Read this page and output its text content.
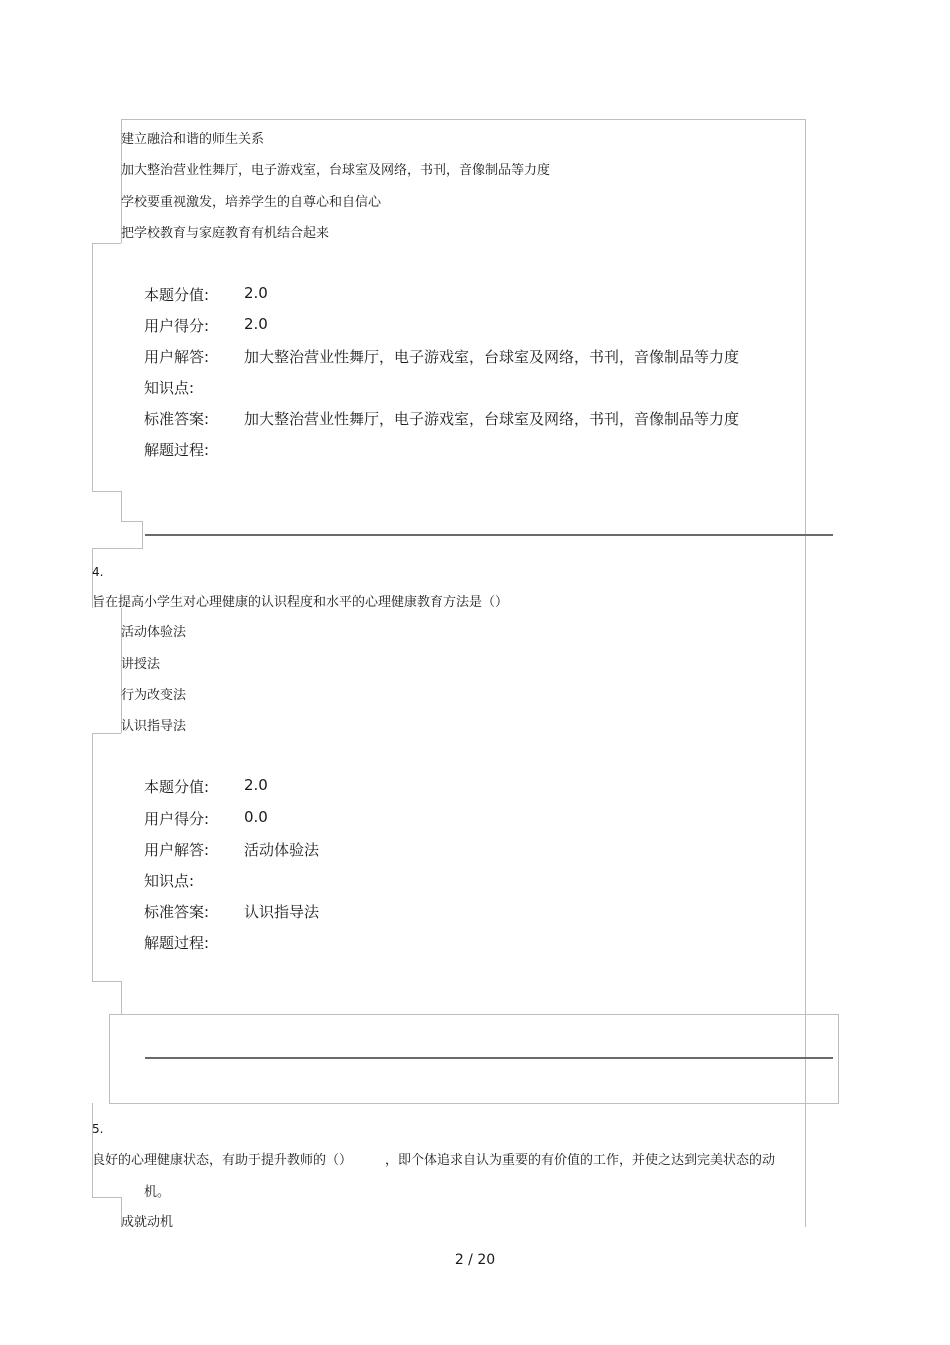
建立融洽和谐的师生关系
加大整治营业性舞厅，电子游戏室，台球室及网络，书刊，音像制品等力度
学校要重视激发，培养学生的自尊心和自信心
把学校教育与家庭教育有机结合起来
本题分值: 2.0
用户得分: 2.0
用户解答: 加大整治营业性舞厅，电子游戏室，台球室及网络，书刊，音像制品等力度
知识点:
标准答案: 加大整治营业性舞厅，电子游戏室，台球室及网络，书刊，音像制品等力度
解题过程:
4.
旨在提高小学生对心理健康的认识程度和水平的心理健康教育方法是（）
活动体验法
讲授法
行为改变法
认识指导法
本题分值: 2.0
用户得分: 0.0
用户解答: 活动体验法
知识点:
标准答案: 认识指导法
解题过程:
5.
良好的心理健康状态，有助于提升教师的（）        ，即个体追求自认为重要的有价值的工作，并使之达到完美状态的动
机。
成就动机
2 / 20
